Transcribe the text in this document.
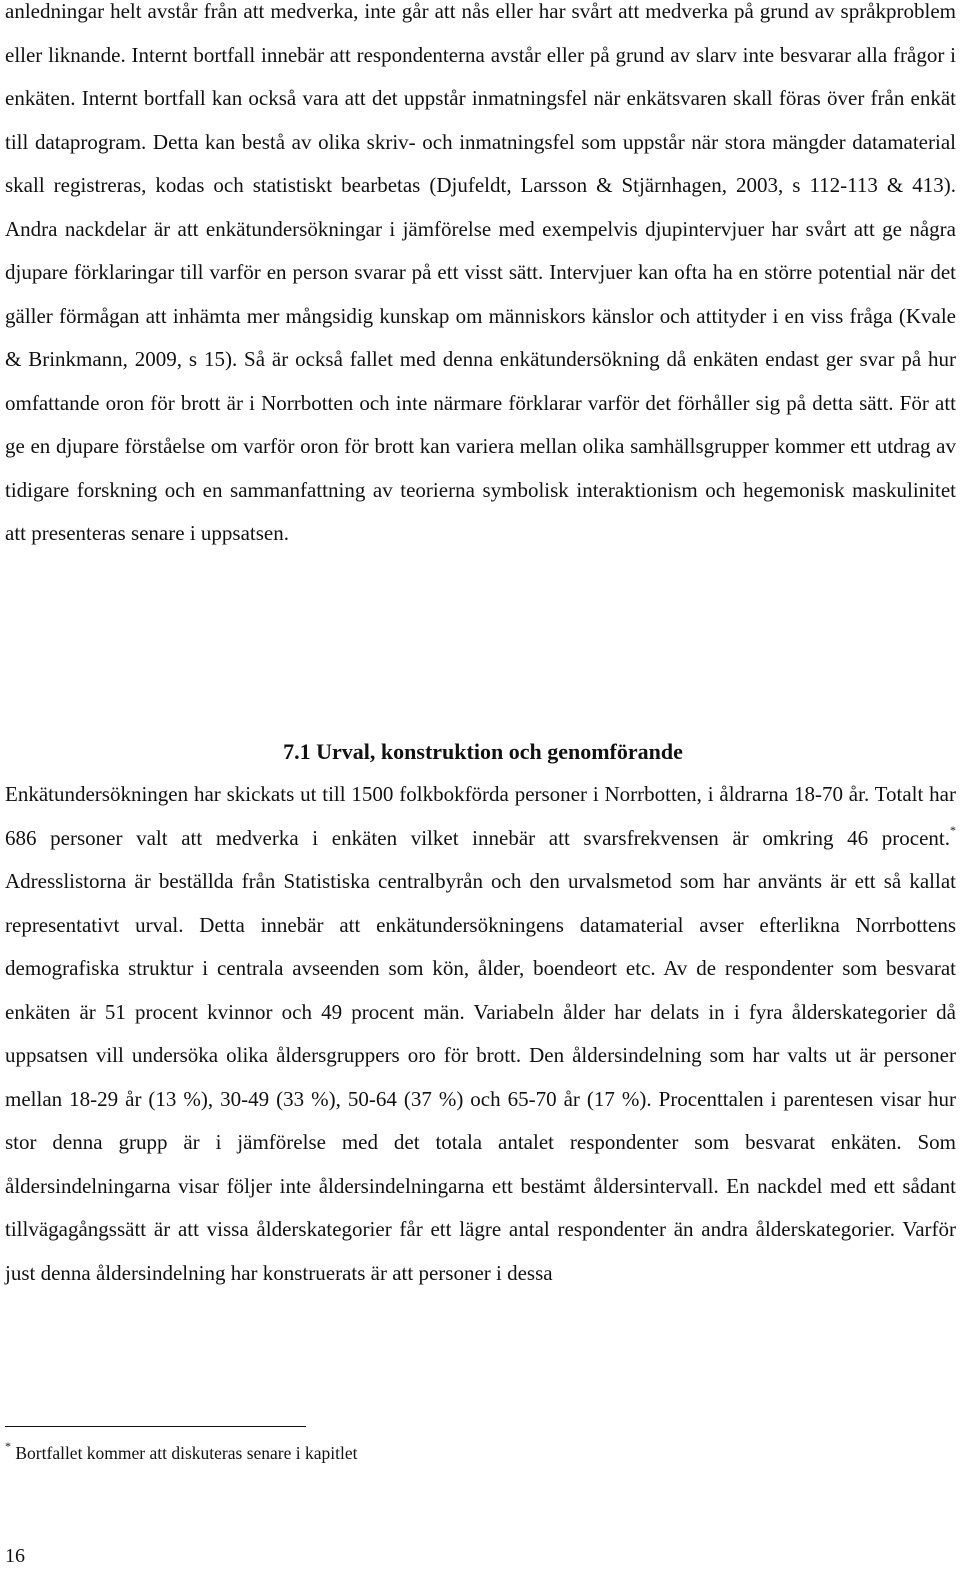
anledningar helt avstår från att medverka, inte går att nås eller har svårt att medverka på grund av språkproblem eller liknande. Internt bortfall innebär att respondenterna avstår eller på grund av slarv inte besvarar alla frågor i enkäten. Internt bortfall kan också vara att det uppstår inmatningsfel när enkätsvaren skall föras över från enkät till dataprogram. Detta kan bestå av olika skriv- och inmatningsfel som uppstår när stora mängder datamaterial skall registreras, kodas och statistiskt bearbetas (Djufeldt, Larsson & Stjärnhagen, 2003, s 112-113 & 413). Andra nackdelar är att enkätundersökningar i jämförelse med exempelvis djupintervjuer har svårt att ge några djupare förklaringar till varför en person svarar på ett visst sätt. Intervjuer kan ofta ha en större potential när det gäller förmågan att inhämta mer mångsidig kunskap om människors känslor och attityder i en viss fråga (Kvale & Brinkmann, 2009, s 15). Så är också fallet med denna enkätundersökning då enkäten endast ger svar på hur omfattande oron för brott är i Norrbotten och inte närmare förklarar varför det förhåller sig på detta sätt. För att ge en djupare förståelse om varför oron för brott kan variera mellan olika samhällsgrupper kommer ett utdrag av tidigare forskning och en sammanfattning av teorierna symbolisk interaktionism och hegemonisk maskulinitet att presenteras senare i uppsatsen.

7.1 Urval, konstruktion och genomförande

Enkätundersökningen har skickats ut till 1500 folkbokförda personer i Norrbotten, i åldrarna 18-70 år. Totalt har 686 personer valt att medverka i enkäten vilket innebär att svarsfrekvensen är omkring 46 procent.* Adresslistorna är beställda från Statistiska centralbyrån och den urvalsmetod som har använts är ett så kallat representativt urval. Detta innebär att enkätundersökningens datamaterial avser efterlikna Norrbottens demografiska struktur i centrala avseenden som kön, ålder, boendeort etc. Av de respondenter som besvarat enkäten är 51 procent kvinnor och 49 procent män. Variabeln ålder har delats in i fyra ålderskategorier då uppsatsen vill undersöka olika åldersgruppers oro för brott. Den åldersindelning som har valts ut är personer mellan 18-29 år (13 %), 30-49 (33 %), 50-64 (37 %) och 65-70 år (17 %). Procenttalen i parentesen visar hur stor denna grupp är i jämförelse med det totala antalet respondenter som besvarat enkäten. Som åldersindelningarna visar följer inte åldersindelningarna ett bestämt åldersintervall. En nackdel med ett sådant tillvägagångssätt är att vissa ålderskategorier får ett lägre antal respondenter än andra ålderskategorier. Varför just denna åldersindelning har konstruerats är att personer i dessa

* Bortfallet kommer att diskuteras senare i kapitlet

16
